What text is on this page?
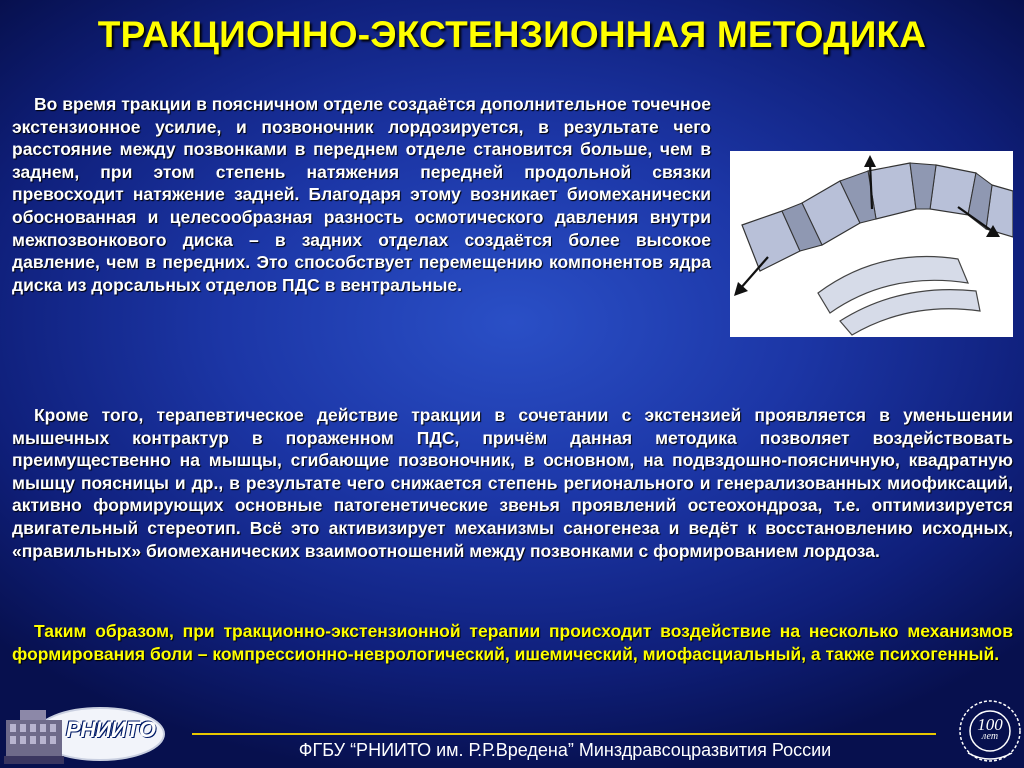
ТРАКЦИОННО-ЭКСТЕНЗИОННАЯ МЕТОДИКА

Во время тракции в поясничном отделе создаётся дополнительное точечное экстензионное усилие, и позвоночник лордозируется, в результате чего расстояние между позвонками в переднем отделе становится больше, чем в заднем, при этом степень натяжения передней продольной связки превосходит натяжение задней. Благодаря этому возникает биомеханически обоснованная и целесообразная разность осмотического давления внутри межпозвонкового диска – в задних отделах создаётся более высокое давление, чем в передних. Это способствует перемещению компонентов ядра диска из дорсальных отделов ПДС в вентральные.

Кроме того, терапевтическое действие тракции в сочетании с экстензией проявляется в уменьшении мышечных контрактур в пораженном ПДС, причём данная методика позволяет воздействовать преимущественно на мышцы, сгибающие позвоночник, в основном, на подвздошно-поясничную, квадратную мышцу поясницы и др., в результате чего снижается степень регионального и генерализованных миофиксаций, активно формирующих основные патогенетические звенья проявлений остеохондроза, т.е. оптимизируется двигательный стереотип. Всё это активизирует механизмы саногенеза и ведёт к восстановлению исходных, «правильных» биомеханических взаимоотношений между позвонками с формированием лордоза.

Таким образом, при тракционно-экстензионной терапии происходит воздействие на несколько механизмов формирования боли – компрессионно-неврологический, ишемический, миофасциальный, а также психогенный.

РНИИТО
ФГБУ “РНИИТО им. Р.Р.Вредена” Минздравсоцразвития России
100
лет
